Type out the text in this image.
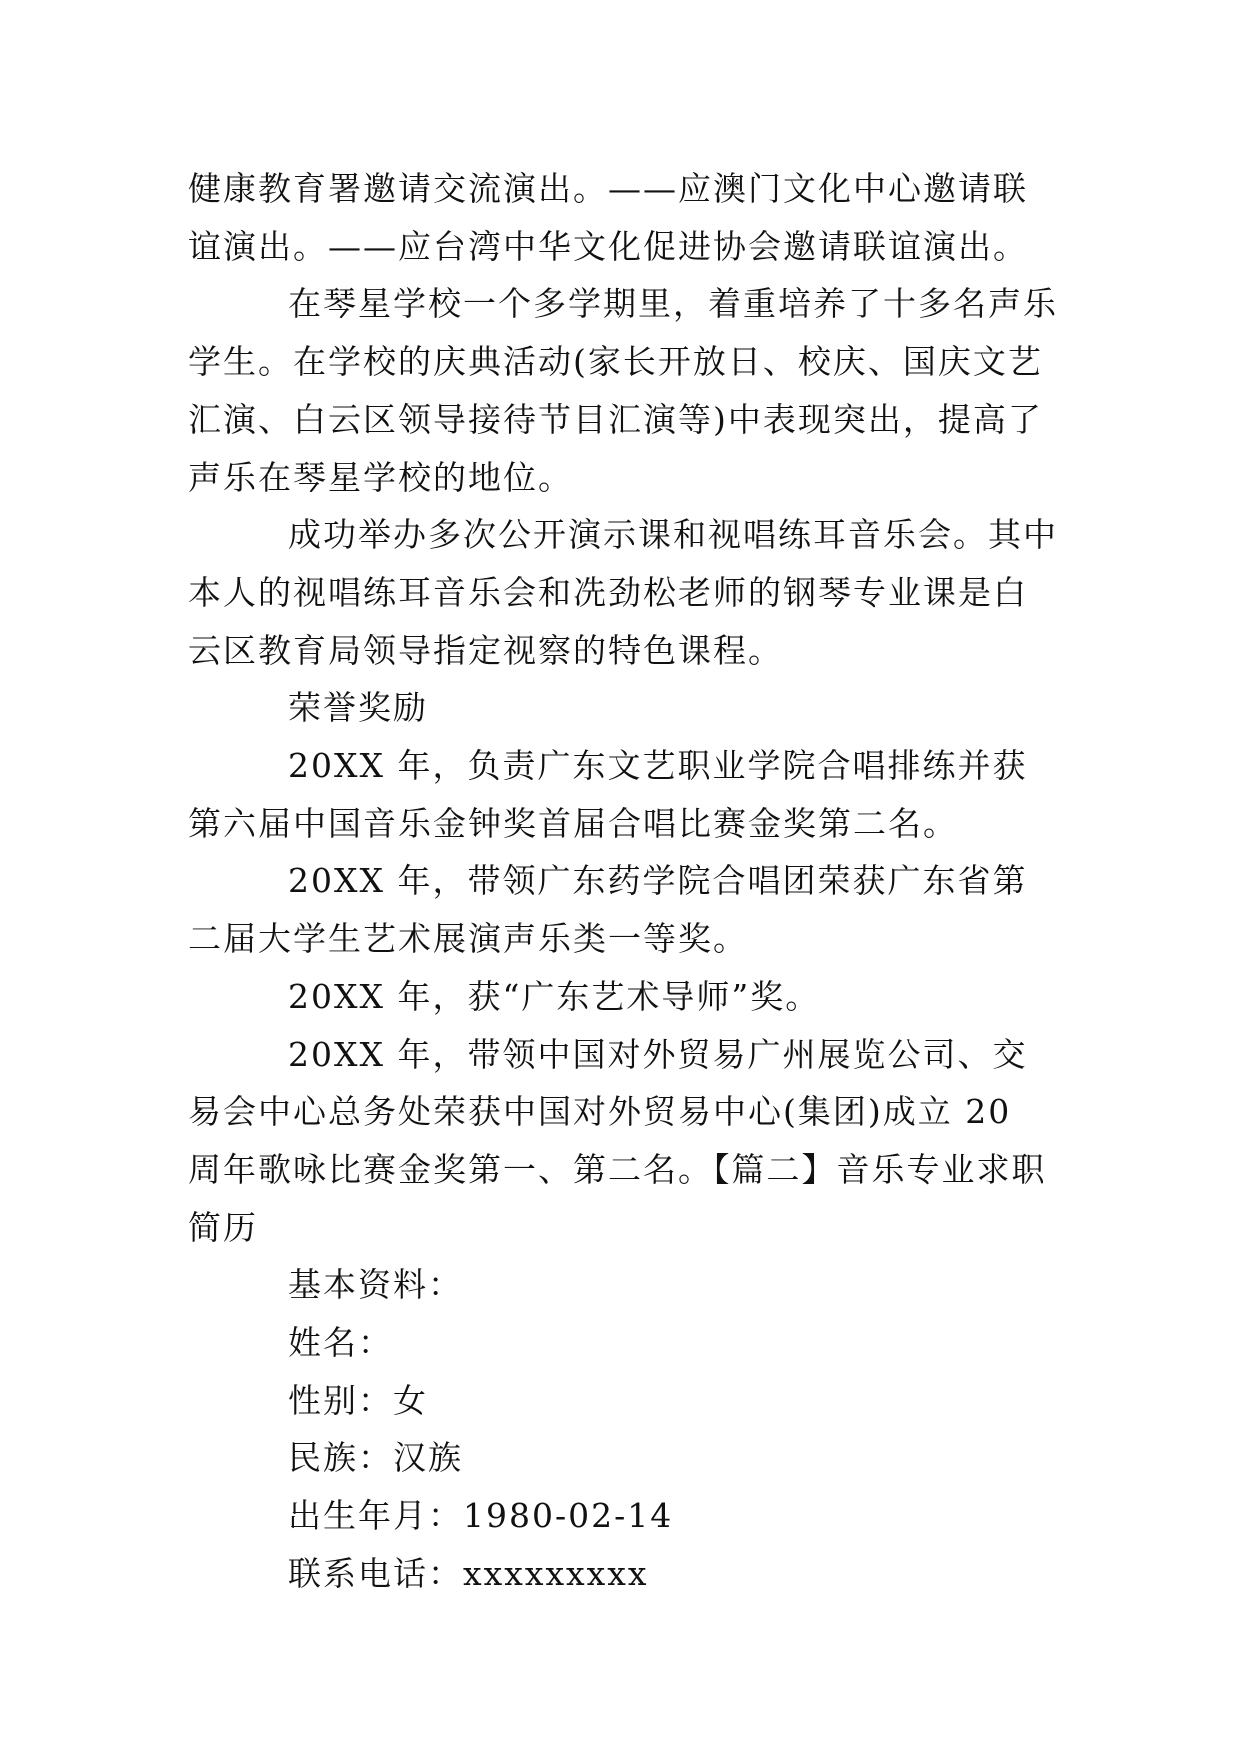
健康教育署邀请交流演出。——应澳门文化中心邀请联谊演出。——应台湾中华文化促进协会邀请联谊演出。

在琴星学校一个多学期里，着重培养了十多名声乐学生。在学校的庆典活动(家长开放日、校庆、国庆文艺汇演、白云区领导接待节目汇演等)中表现突出，提高了声乐在琴星学校的地位。

成功举办多次公开演示课和视唱练耳音乐会。其中本人的视唱练耳音乐会和冼劲松老师的钢琴专业课是白云区教育局领导指定视察的特色课程。

荣誉奖励

20XX 年，负责广东文艺职业学院合唱排练并获第六届中国音乐金钟奖首届合唱比赛金奖第二名。

20XX 年，带领广东药学院合唱团荣获广东省第二届大学生艺术展演声乐类一等奖。

20XX 年，获“广东艺术导师”奖。

20XX 年，带领中国对外贸易广州展览公司、交易会中心总务处荣获中国对外贸易中心(集团)成立 20 周年歌咏比赛金奖第一、第二名。【篇二】音乐专业求职简历

基本资料：

姓名：

性别：女

民族：汉族

出生年月：1980-02-14

联系电话：xxxxxxxxx
